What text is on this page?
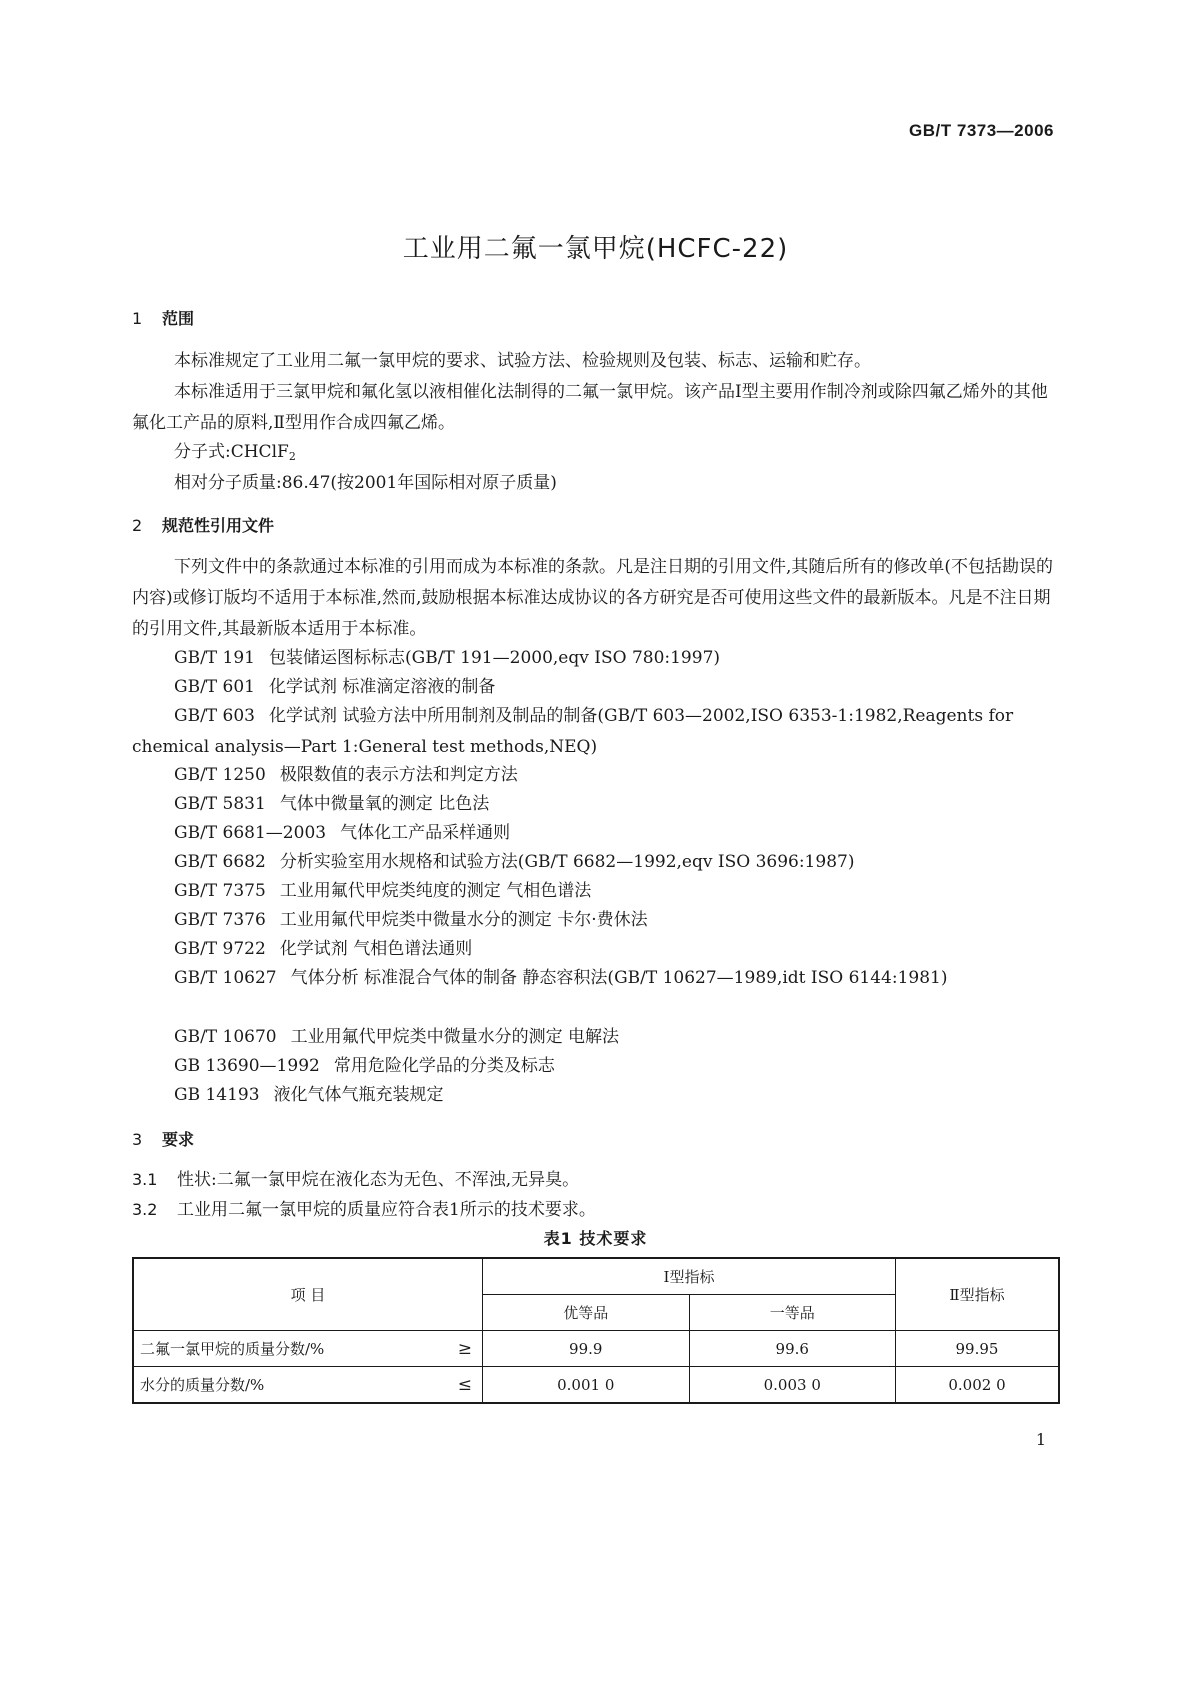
GB/T 7373—2006
工业用二氟一氯甲烷(HCFC-22)
1 范围
本标准规定了工业用二氟一氯甲烷的要求、试验方法、检验规则及包装、标志、运输和贮存。
本标准适用于三氯甲烷和氟化氢以液相催化法制得的二氟一氯甲烷。该产品Ⅰ型主要用作制冷剂或除四氟乙烯外的其他氟化工产品的原料,Ⅱ型用作合成四氟乙烯。
分子式:CHClF$_2$
相对分子质量:86.47(按2001年国际相对原子质量)
2 规范性引用文件
下列文件中的条款通过本标准的引用而成为本标准的条款。凡是注日期的引用文件,其随后所有的修改单(不包括勘误的内容)或修订版均不适用于本标准,然而,鼓励根据本标准达成协议的各方研究是否可使用这些文件的最新版本。凡是不注日期的引用文件,其最新版本适用于本标准。
GB/T 191 包装储运图标标志(GB/T 191—2000,eqv ISO 780:1997)
GB/T 601 化学试剂 标准滴定溶液的制备
GB/T 603 化学试剂 试验方法中所用制剂及制品的制备(GB/T 603—2002,ISO 6353-1:1982,Reagents for chemical analysis—Part 1:General test methods,NEQ)
GB/T 1250 极限数值的表示方法和判定方法
GB/T 5831 气体中微量氧的测定 比色法
GB/T 6681—2003 气体化工产品采样通则
GB/T 6682 分析实验室用水规格和试验方法(GB/T 6682—1992,eqv ISO 3696:1987)
GB/T 7375 工业用氟代甲烷类纯度的测定 气相色谱法
GB/T 7376 工业用氟代甲烷类中微量水分的测定 卡尔·费休法
GB/T 9722 化学试剂 气相色谱法通则
GB/T 10627 气体分析 标准混合气体的制备 静态容积法(GB/T 10627—1989,idt ISO 6144:1981)
GB/T 10670 工业用氟代甲烷类中微量水分的测定 电解法
GB 13690—1992 常用危险化学品的分类及标志
GB 14193 液化气体气瓶充装规定
3 要求
3.1 性状:二氟一氯甲烷在液化态为无色、不浑浊,无异臭。
3.2 工业用二氟一氯甲烷的质量应符合表1所示的技术要求。
表1 技术要求
项 目	Ⅰ型指标		Ⅱ型指标
	优等品	一等品	
二氟一氯甲烷的质量分数/% ≥	99.9	99.6	99.95
水分的质量分数/% ≤	0.001 0	0.003 0	0.002 0
1
